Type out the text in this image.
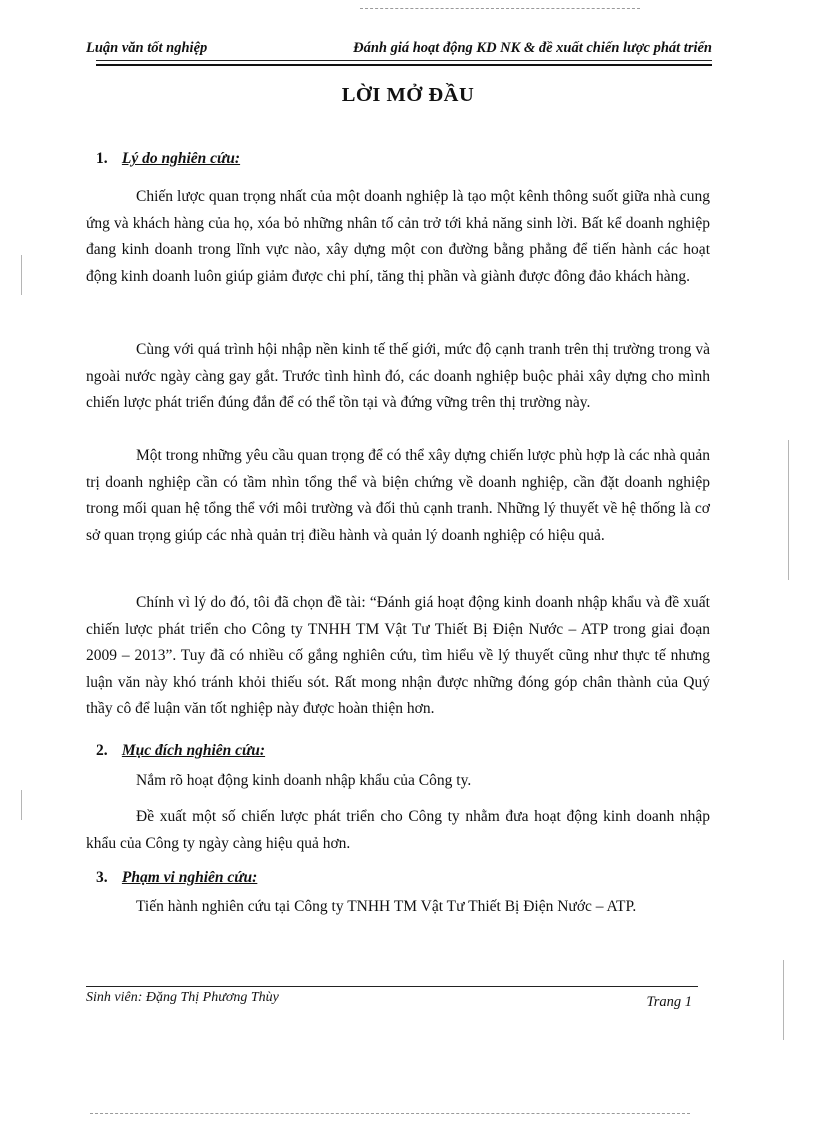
Luận văn tốt nghiệp	Đánh giá hoạt động KD NK & đề xuất chiến lược phát triển
LỜI MỞ ĐẦU
1. Lý do nghiên cứu:

Chiến lược quan trọng nhất của một doanh nghiệp là tạo một kênh thông suốt giữa nhà cung ứng và khách hàng của họ, xóa bỏ những nhân tố cản trở tới khả năng sinh lời. Bất kể doanh nghiệp đang kinh doanh trong lĩnh vực nào, xây dựng một con đường bằng phẳng để tiến hành các hoạt động kinh doanh luôn giúp giảm được chi phí, tăng thị phần và giành được đông đảo khách hàng.

Cùng với quá trình hội nhập nền kinh tế thế giới, mức độ cạnh tranh trên thị trường trong và ngoài nước ngày càng gay gắt. Trước tình hình đó, các doanh nghiệp buộc phải xây dựng cho mình chiến lược phát triển đúng đắn để có thể tồn tại và đứng vững trên thị trường này.

Một trong những yêu cầu quan trọng để có thể xây dựng chiến lược phù hợp là các nhà quản trị doanh nghiệp cần có tầm nhìn tổng thể và biện chứng về doanh nghiệp, cần đặt doanh nghiệp trong mối quan hệ tổng thể với môi trường và đối thủ cạnh tranh. Những lý thuyết về hệ thống là cơ sở quan trọng giúp các nhà quản trị điều hành và quản lý doanh nghiệp có hiệu quả.

Chính vì lý do đó, tôi đã chọn đề tài: “Đánh giá hoạt động kinh doanh nhập khẩu và đề xuất chiến lược phát triển cho Công ty TNHH TM Vật Tư Thiết Bị Điện Nước – ATP trong giai đoạn 2009 – 2013”. Tuy đã có nhiều cố gắng nghiên cứu, tìm hiểu về lý thuyết cũng như thực tế nhưng luận văn này khó tránh khỏi thiếu sót. Rất mong nhận được những đóng góp chân thành của Quý thầy cô để luận văn tốt nghiệp này được hoàn thiện hơn.

2. Mục đích nghiên cứu:
Nắm rõ hoạt động kinh doanh nhập khẩu của Công ty.

Đề xuất một số chiến lược phát triển cho Công ty nhằm đưa hoạt động kinh doanh nhập khẩu của Công ty ngày càng hiệu quả hơn.

3. Phạm vi nghiên cứu:
Tiến hành nghiên cứu tại Công ty TNHH TM Vật Tư Thiết Bị Điện Nước – ATP.
Sinh viên: Đặng Thị Phương Thùy	Trang 1
